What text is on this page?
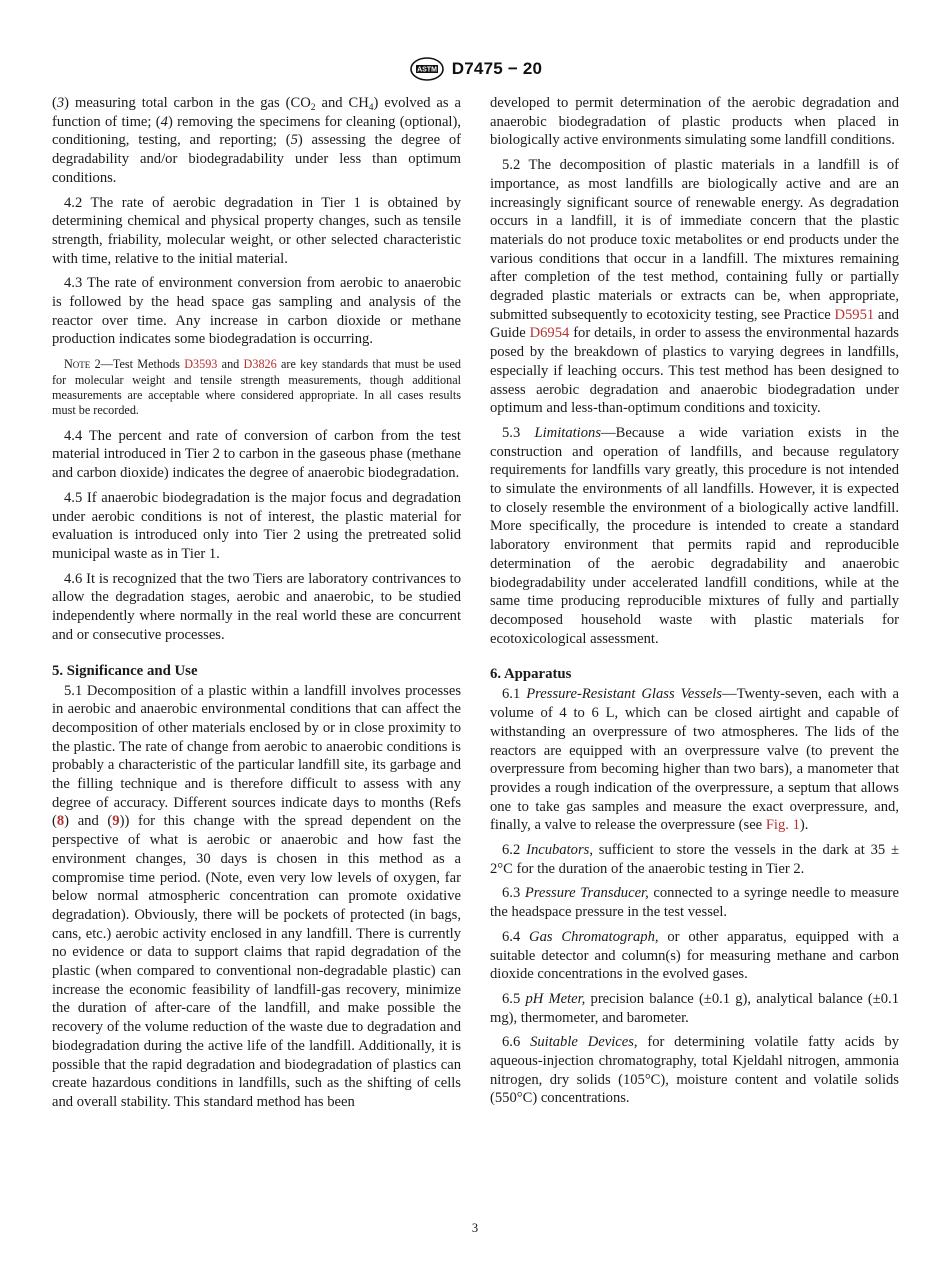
ASTM D7475 − 20

(3) measuring total carbon in the gas ($CO_2$ and $CH_4$) evolved as a function of time; (4) removing the specimens for cleaning (optional), conditioning, testing, and reporting; (5) assessing the degree of degradability and/or biodegradability under less than optimum conditions.

4.2 The rate of aerobic degradation in Tier 1 is obtained by determining chemical and physical property changes, such as tensile strength, friability, molecular weight, or other selected characteristic with time, relative to the initial material.

4.3 The rate of environment conversion from aerobic to anaerobic is followed by the head space gas sampling and analysis of the reactor over time. Any increase in carbon dioxide or methane production indicates some biodegradation is occurring.

Note 2—Test Methods D3593 and D3826 are key standards that must be used for molecular weight and tensile strength measurements, though additional measurements are acceptable where considered appropriate. In all cases results must be recorded.

4.4 The percent and rate of conversion of carbon from the test material introduced in Tier 2 to carbon in the gaseous phase (methane and carbon dioxide) indicates the degree of anaerobic biodegradation.

4.5 If anaerobic biodegradation is the major focus and degradation under aerobic conditions is not of interest, the plastic material for evaluation is introduced only into Tier 2 using the pretreated solid municipal waste as in Tier 1.

4.6 It is recognized that the two Tiers are laboratory contrivances to allow the degradation stages, aerobic and anaerobic, to be studied independently where normally in the real world these are concurrent and or consecutive processes.

5. Significance and Use

5.1 Decomposition of a plastic within a landfill involves processes in aerobic and anaerobic environmental conditions that can affect the decomposition of other materials enclosed by or in close proximity to the plastic. The rate of change from aerobic to anaerobic conditions is probably a characteristic of the particular landfill site, its garbage and the filling technique and is therefore difficult to assess with any degree of accuracy. Different sources indicate days to months (Refs (8) and (9)) for this change with the spread dependent on the perspective of what is aerobic or anaerobic and how fast the environment changes, 30 days is chosen in this method as a compromise time period. (Note, even very low levels of oxygen, far below normal atmospheric concentration can promote oxidative degradation). Obviously, there will be pockets of protected (in bags, cans, etc.) aerobic activity enclosed in any landfill. There is currently no evidence or data to support claims that rapid degradation of the plastic (when compared to conventional non-degradable plastic) can increase the economic feasibility of landfill-gas recovery, minimize the duration of after-care of the landfill, and make possible the recovery of the volume reduction of the waste due to degradation and biodegradation during the active life of the landfill. Additionally, it is possible that the rapid degradation and biodegradation of plastics can create hazardous conditions in landfills, such as the shifting of cells and overall stability. This standard method has been

developed to permit determination of the aerobic degradation and anaerobic biodegradation of plastic products when placed in biologically active environments simulating some landfill conditions.

5.2 The decomposition of plastic materials in a landfill is of importance, as most landfills are biologically active and are an increasingly significant source of renewable energy. As degradation occurs in a landfill, it is of immediate concern that the plastic materials do not produce toxic metabolites or end products under the various conditions that occur in a landfill. The mixtures remaining after completion of the test method, containing fully or partially degraded plastic materials or extracts can be, when appropriate, submitted subsequently to ecotoxicity testing, see Practice D5951 and Guide D6954 for details, in order to assess the environmental hazards posed by the breakdown of plastics to varying degrees in landfills, especially if leaching occurs. This test method has been designed to assess aerobic degradation and anaerobic biodegradation under optimum and less-than-optimum conditions and toxicity.

5.3 Limitations—Because a wide variation exists in the construction and operation of landfills, and because regulatory requirements for landfills vary greatly, this procedure is not intended to simulate the environments of all landfills. However, it is expected to closely resemble the environment of a biologically active landfill. More specifically, the procedure is intended to create a standard laboratory environment that permits rapid and reproducible determination of the aerobic degradability and anaerobic biodegradability under accelerated landfill conditions, while at the same time producing reproducible mixtures of fully and partially decomposed household waste with plastic materials for ecotoxicological assessment.

6. Apparatus

6.1 Pressure-Resistant Glass Vessels—Twenty-seven, each with a volume of 4 to 6 L, which can be closed airtight and capable of withstanding an overpressure of two atmospheres. The lids of the reactors are equipped with an overpressure valve (to prevent the overpressure from becoming higher than two bars), a manometer that provides a rough indication of the overpressure, a septum that allows one to take gas samples and measure the exact overpressure, and, finally, a valve to release the overpressure (see Fig. 1).

6.2 Incubators, sufficient to store the vessels in the dark at 35 ± 2°C for the duration of the anaerobic testing in Tier 2.

6.3 Pressure Transducer, connected to a syringe needle to measure the headspace pressure in the test vessel.

6.4 Gas Chromatograph, or other apparatus, equipped with a suitable detector and column(s) for measuring methane and carbon dioxide concentrations in the evolved gases.

6.5 pH Meter, precision balance (±0.1 g), analytical balance (±0.1 mg), thermometer, and barometer.

6.6 Suitable Devices, for determining volatile fatty acids by aqueous-injection chromatography, total Kjeldahl nitrogen, ammonia nitrogen, dry solids (105°C), moisture content and volatile solids (550°C) concentrations.

3
